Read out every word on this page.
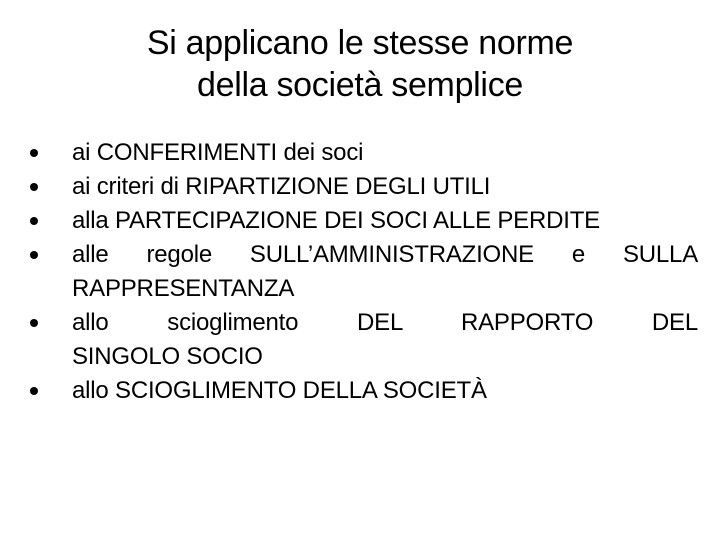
Si applicano le stesse norme
della società semplice
ai CONFERIMENTI dei soci
ai criteri di RIPARTIZIONE DEGLI UTILI
alla PARTECIPAZIONE DEI SOCI ALLE PERDITE
alle regole SULL’AMMINISTRAZIONE e SULLA
RAPPRESENTANZA
allo scioglimento DEL RAPPORTO DEL
SINGOLO SOCIO
allo SCIOGLIMENTO DELLA SOCIETÀ
